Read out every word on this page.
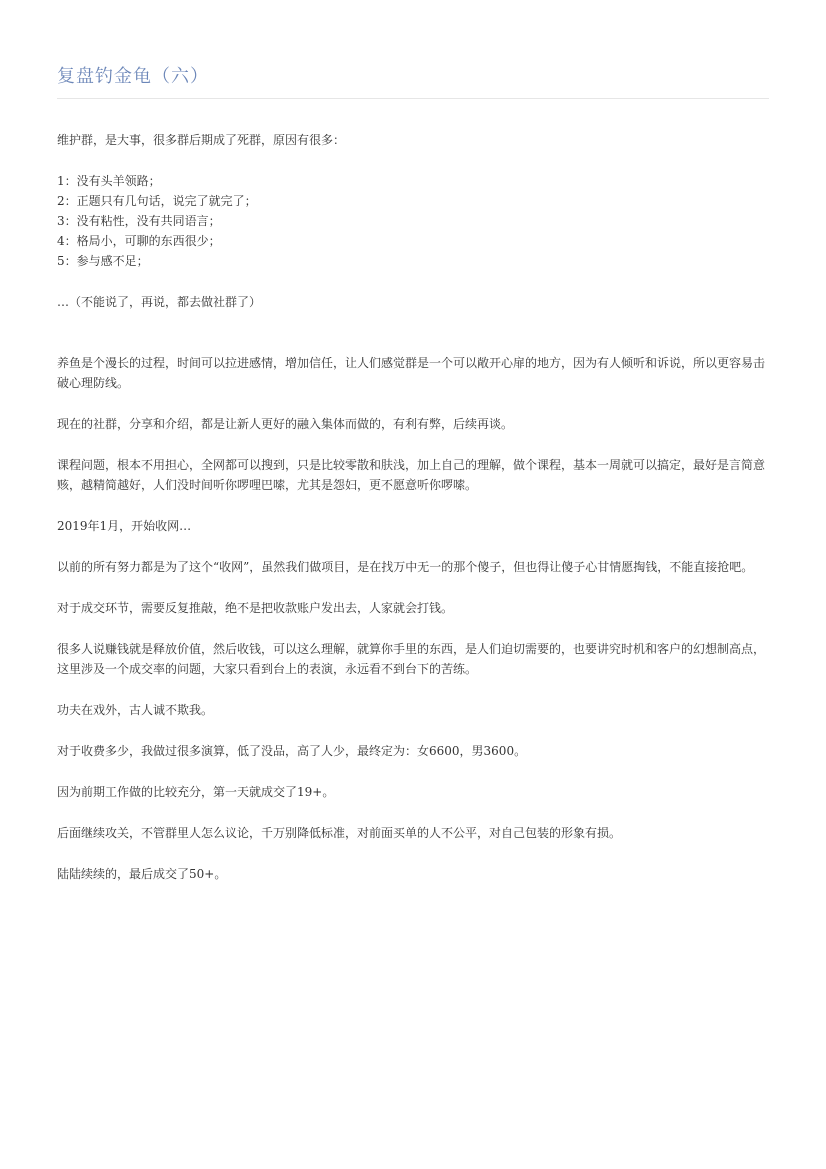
复盘钓金龟（六）

维护群，是大事，很多群后期成了死群，原因有很多：

1：没有头羊领路；
2：正题只有几句话，说完了就完了；
3：没有粘性，没有共同语言；
4：格局小，可聊的东西很少；
5：参与感不足；

…（不能说了，再说，都去做社群了）

养鱼是个漫长的过程，时间可以拉进感情，增加信任，让人们感觉群是一个可以敞开心扉的地方，因为有人倾听和诉说，所以更容易击破心理防线。

现在的社群，分享和介绍，都是让新人更好的融入集体而做的，有利有弊，后续再谈。

课程问题，根本不用担心，全网都可以搜到，只是比较零散和肤浅，加上自己的理解，做个课程，基本一周就可以搞定，最好是言简意赅，越精简越好，人们没时间听你啰哩巴嗦，尤其是怨妇，更不愿意听你啰嗦。

2019年1月，开始收网…

以前的所有努力都是为了这个“收网”，虽然我们做项目，是在找万中无一的那个傻子，但也得让傻子心甘情愿掏钱，不能直接抢吧。

对于成交环节，需要反复推敲，绝不是把收款账户发出去，人家就会打钱。

很多人说赚钱就是释放价值，然后收钱，可以这么理解，就算你手里的东西，是人们迫切需要的，也要讲究时机和客户的幻想制高点，这里涉及一个成交率的问题，大家只看到台上的表演，永远看不到台下的苦练。

功夫在戏外，古人诚不欺我。

对于收费多少，我做过很多演算，低了没品，高了人少，最终定为：女6600，男3600。

因为前期工作做的比较充分，第一天就成交了19+。

后面继续攻关，不管群里人怎么议论，千万别降低标准，对前面买单的人不公平，对自己包装的形象有损。

陆陆续续的，最后成交了50+。
